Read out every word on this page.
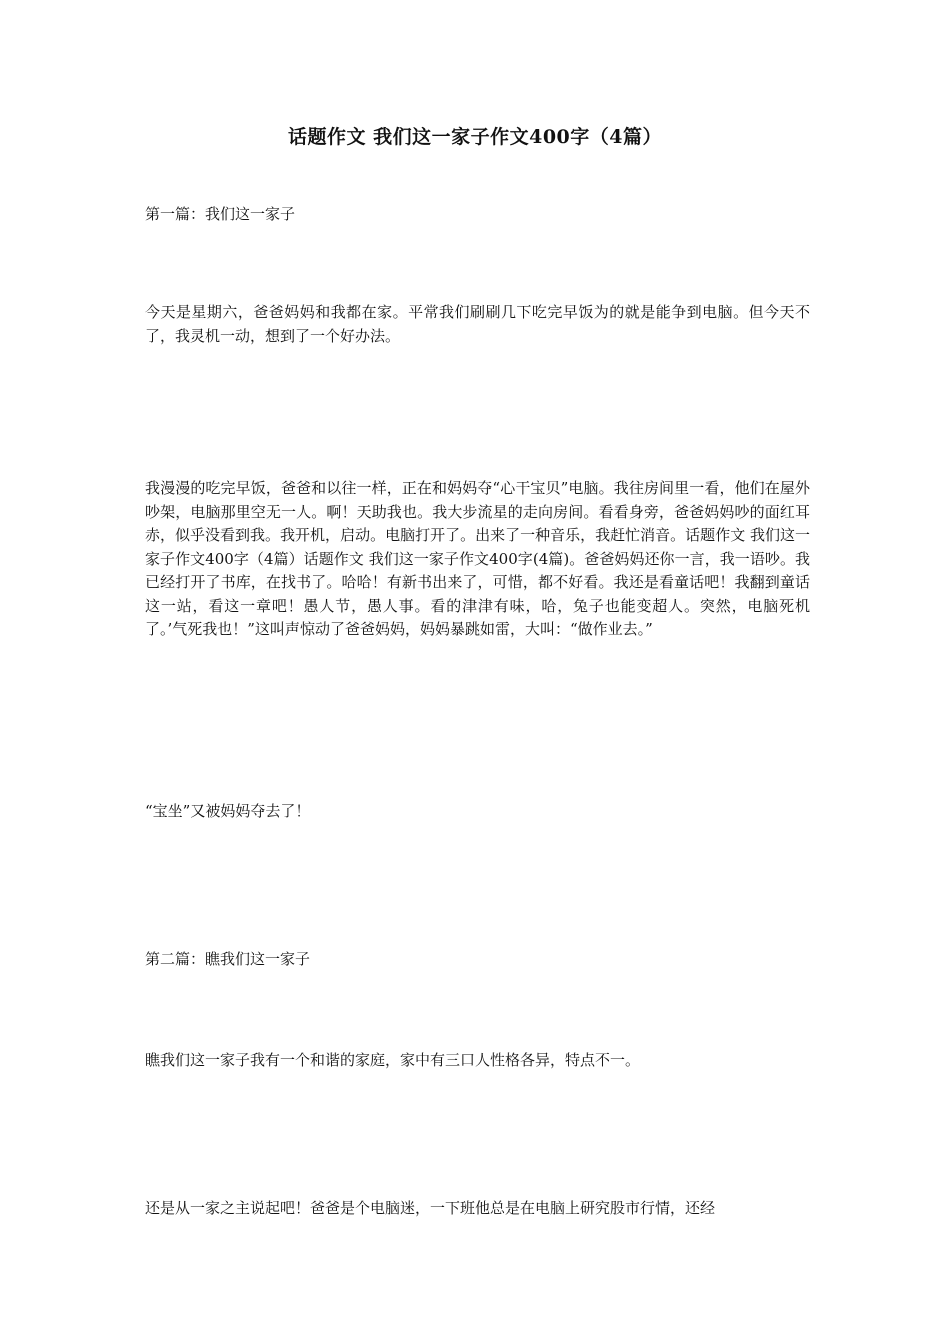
话题作文 我们这一家子作文400字（4篇）

第一篇：我们这一家子

今天是星期六，爸爸妈妈和我都在家。平常我们刷刷几下吃完早饭为的就是能争到电脑。但今天不了，我灵机一动，想到了一个好办法。

我漫漫的吃完早饭，爸爸和以往一样，正在和妈妈夺“心干宝贝”电脑。我往房间里一看，他们在屋外吵架，电脑那里空无一人。啊！天助我也。我大步流星的走向房间。看看身旁，爸爸妈妈吵的面红耳赤，似乎没看到我。我开机，启动。电脑打开了。出来了一种音乐，我赶忙消音。话题作文 我们这一家子作文400字（4篇）话题作文 我们这一家子作文400字(4篇)。爸爸妈妈还你一言，我一语吵。我已经打开了书库，在找书了。哈哈！有新书出来了，可惜，都不好看。我还是看童话吧！我翻到童话这一站，看这一章吧！愚人节，愚人事。看的津津有味，哈，兔子也能变超人。突然，电脑死机了。’气死我也！”这叫声惊动了爸爸妈妈，妈妈暴跳如雷，大叫：“做作业去。”

“宝坐”又被妈妈夺去了！

第二篇：瞧我们这一家子

瞧我们这一家子我有一个和谐的家庭，家中有三口人性格各异，特点不一。

还是从一家之主说起吧！爸爸是个电脑迷，一下班他总是在电脑上研究股市行情，还经
